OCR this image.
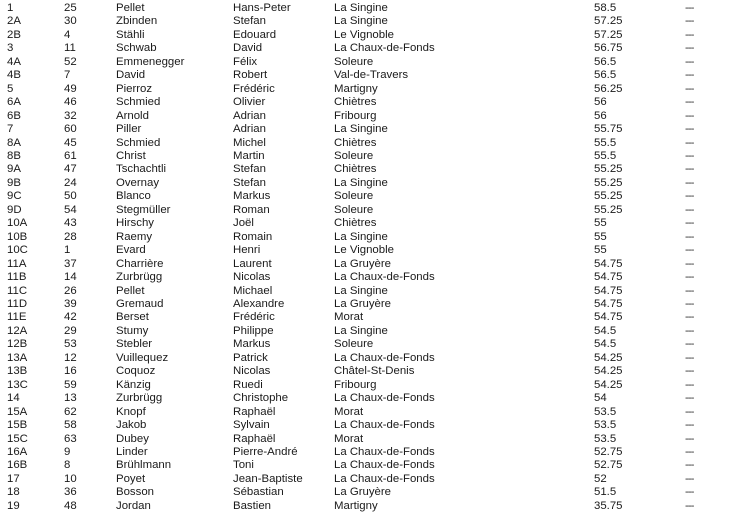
1	25	Pellet	Hans-Peter	La Singine	58.5	---
2A	30	Zbinden	Stefan	La Singine	57.25	---
2B	4	Stähli	Edouard	Le Vignoble	57.25	---
3	11	Schwab	David	La Chaux-de-Fonds	56.75	---
4A	52	Emmenegger	Félix	Soleure	56.5	---
4B	7	David	Robert	Val-de-Travers	56.5	---
5	49	Pierroz	Frédéric	Martigny	56.25	---
6A	46	Schmied	Olivier	Chiètres	56	---
6B	32	Arnold	Adrian	Fribourg	56	---
7	60	Piller	Adrian	La Singine	55.75	---
8A	45	Schmied	Michel	Chiètres	55.5	---
8B	61	Christ	Martin	Soleure	55.5	---
9A	47	Tschachtli	Stefan	Chiètres	55.25	---
9B	24	Overnay	Stefan	La Singine	55.25	---
9C	50	Blanco	Markus	Soleure	55.25	---
9D	54	Stegmüller	Roman	Soleure	55.25	---
10A	43	Hirschy	Joël	Chiètres	55	---
10B	28	Raemy	Romain	La Singine	55	---
10C	1	Evard	Henri	Le Vignoble	55	---
11A	37	Charrière	Laurent	La Gruyère	54.75	---
11B	14	Zurbrügg	Nicolas	La Chaux-de-Fonds	54.75	---
11C	26	Pellet	Michael	La Singine	54.75	---
11D	39	Gremaud	Alexandre	La Gruyère	54.75	---
11E	42	Berset	Frédéric	Morat	54.75	---
12A	29	Stumy	Philippe	La Singine	54.5	---
12B	53	Stebler	Markus	Soleure	54.5	---
13A	12	Vuillequez	Patrick	La Chaux-de-Fonds	54.25	---
13B	16	Coquoz	Nicolas	Châtel-St-Denis	54.25	---
13C	59	Känzig	Ruedi	Fribourg	54.25	---
14	13	Zurbrügg	Christophe	La Chaux-de-Fonds	54	---
15A	62	Knopf	Raphaël	Morat	53.5	---
15B	58	Jakob	Sylvain	La Chaux-de-Fonds	53.5	---
15C	63	Dubey	Raphaël	Morat	53.5	---
16A	9	Linder	Pierre-André	La Chaux-de-Fonds	52.75	---
16B	8	Brühlmann	Toni	La Chaux-de-Fonds	52.75	---
17	10	Poyet	Jean-Baptiste	La Chaux-de-Fonds	52	---
18	36	Bosson	Sébastian	La Gruyère	51.5	---
19	48	Jordan	Bastien	Martigny	35.75	---
